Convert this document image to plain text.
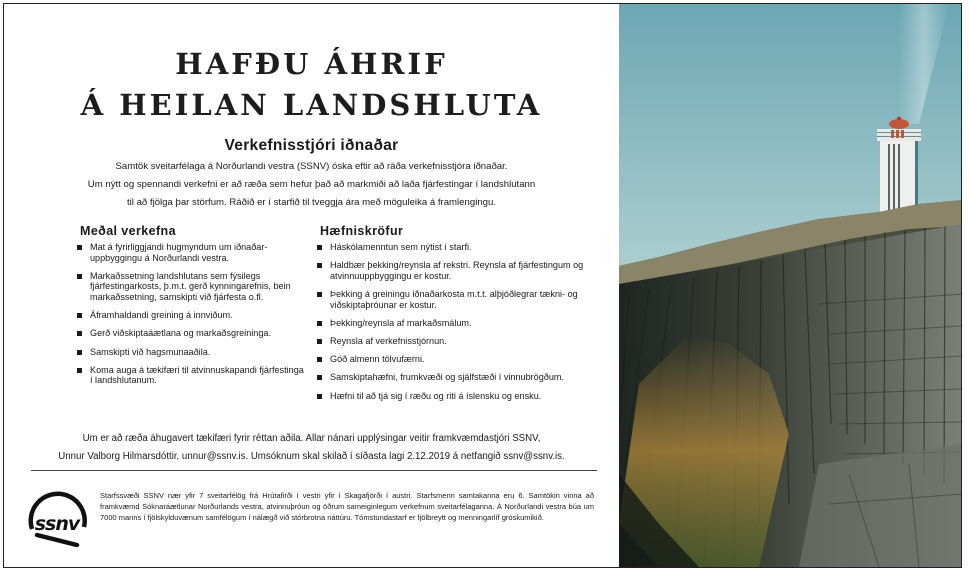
HAFÐU ÁHRIF
Á HEILAN LANDSHLUTA
Verkefnisstjóri iðnaðar
Samtök sveitarfélaga á Norðurlandi vestra (SSNV) óska eftir að ráða verkefnisstjóra iðnaðar.
Um nýtt og spennandi verkefni er að ræða sem hefur það að markmiði að laða fjárfestingar í landshlutann
til að fjölga þar störfum. Ráðið er í starfið til tveggja ára með möguleika á framlengingu.
Meðal verkefna
Mat á fyrirliggjandi hugmyndum um iðnaðar-uppbyggingu á Norðurlandi vestra.
Markaðssetning landshlutans sem fýsilegs fjárfestingarkosts, þ.m.t. gerð kynningarefnis, bein markaðssetning, samskipti við fjárfesta o.fl.
Áframhaldandi greining á innviðum.
Gerð viðskiptaáætlana og markaðsgreininga.
Samskipti við hagsmunaaðila.
Koma auga á tækifæri til atvinnuskapandi fjárfestinga í landshlutanum.
Hæfniskröfur
Háskólamenntun sem nýtist í starfi.
Haldbær þekking/reynsla af rekstri. Reynsla af fjárfestingum og atvinnuuppbyggingu er kostur.
Þekking á greiningu iðnaðarkosta m.t.t. alþjóðlegrar tækni- og viðskiptaþróunar er kostur.
Þekking/reynsla af markaðsmálum.
Reynsla af verkefnisstjórnun.
Góð almenn tölvufærni.
Samskiptahæfni, frumkvæði og sjálfstæði í vinnubrögðum.
Hæfni til að tjá sig í ræðu og riti á íslensku og ensku.
Um er að ræða áhugavert tækifæri fyrir réttan aðila. Allar nánari upplýsingar veitir framkvæmdastjóri SSNV,
Unnur Valborg Hilmarsdóttir, unnur@ssnv.is. Umsóknum skal skilað í síðasta lagi 2.12.2019 á netfangið ssnv@ssnv.is.
ssnv
Starfssvæði SSNV nær yfir 7 sveitarfélög frá Hrútafirði í vestri yfir í Skagafjörði í austri. Starfsmenn samtakanna eru 6. Samtökin vinna að framkvæmd Sóknaráætlunar Norðurlands vestra, atvinnuþróun og öðrum sameiginlegum verkefnum sveitarfélaganna. Á Norðurlandi vestra búa um 7000 manns í fjölskylduvænum samfélögum í nálægð við stórbrotna náttúru. Tómstundastarf er fjölbreytt og menningarlíf gróskumikið.
